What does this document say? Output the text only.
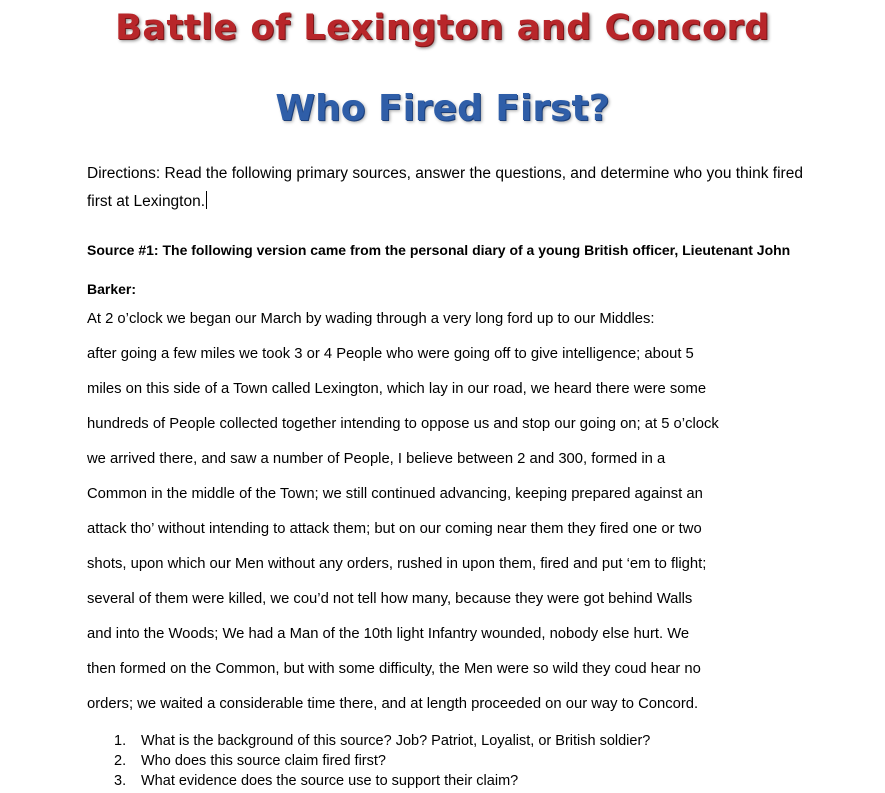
Battle of Lexington and Concord
Who Fired First?
Directions: Read the following primary sources, answer the questions, and determine who you think fired first at Lexington.
Source #1: The following version came from the personal diary of a young British officer, Lieutenant John Barker:
At 2 o’clock we began our March by wading through a very long ford up to our Middles:
after going a few miles we took 3 or 4 People who were going off to give intelligence; about 5
miles on this side of a Town called Lexington, which lay in our road, we heard there were some
hundreds of People collected together intending to oppose us and stop our going on; at 5 o’clock
we arrived there, and saw a number of People, I believe between 2 and 300, formed in a
Common in the middle of the Town; we still continued advancing, keeping prepared against an
attack tho’ without intending to attack them; but on our coming near them they fired one or two
shots, upon which our Men without any orders, rushed in upon them, fired and put ‘em to flight;
several of them were killed, we cou’d not tell how many, because they were got behind Walls
and into the Woods; We had a Man of the 10th light Infantry wounded, nobody else hurt. We
then formed on the Common, but with some difficulty, the Men were so wild they coud hear no
orders; we waited a considerable time there, and at length proceeded on our way to Concord.
1. What is the background of this source? Job? Patriot, Loyalist, or British soldier?
2. Who does this source claim fired first?
3. What evidence does the source use to support their claim?
